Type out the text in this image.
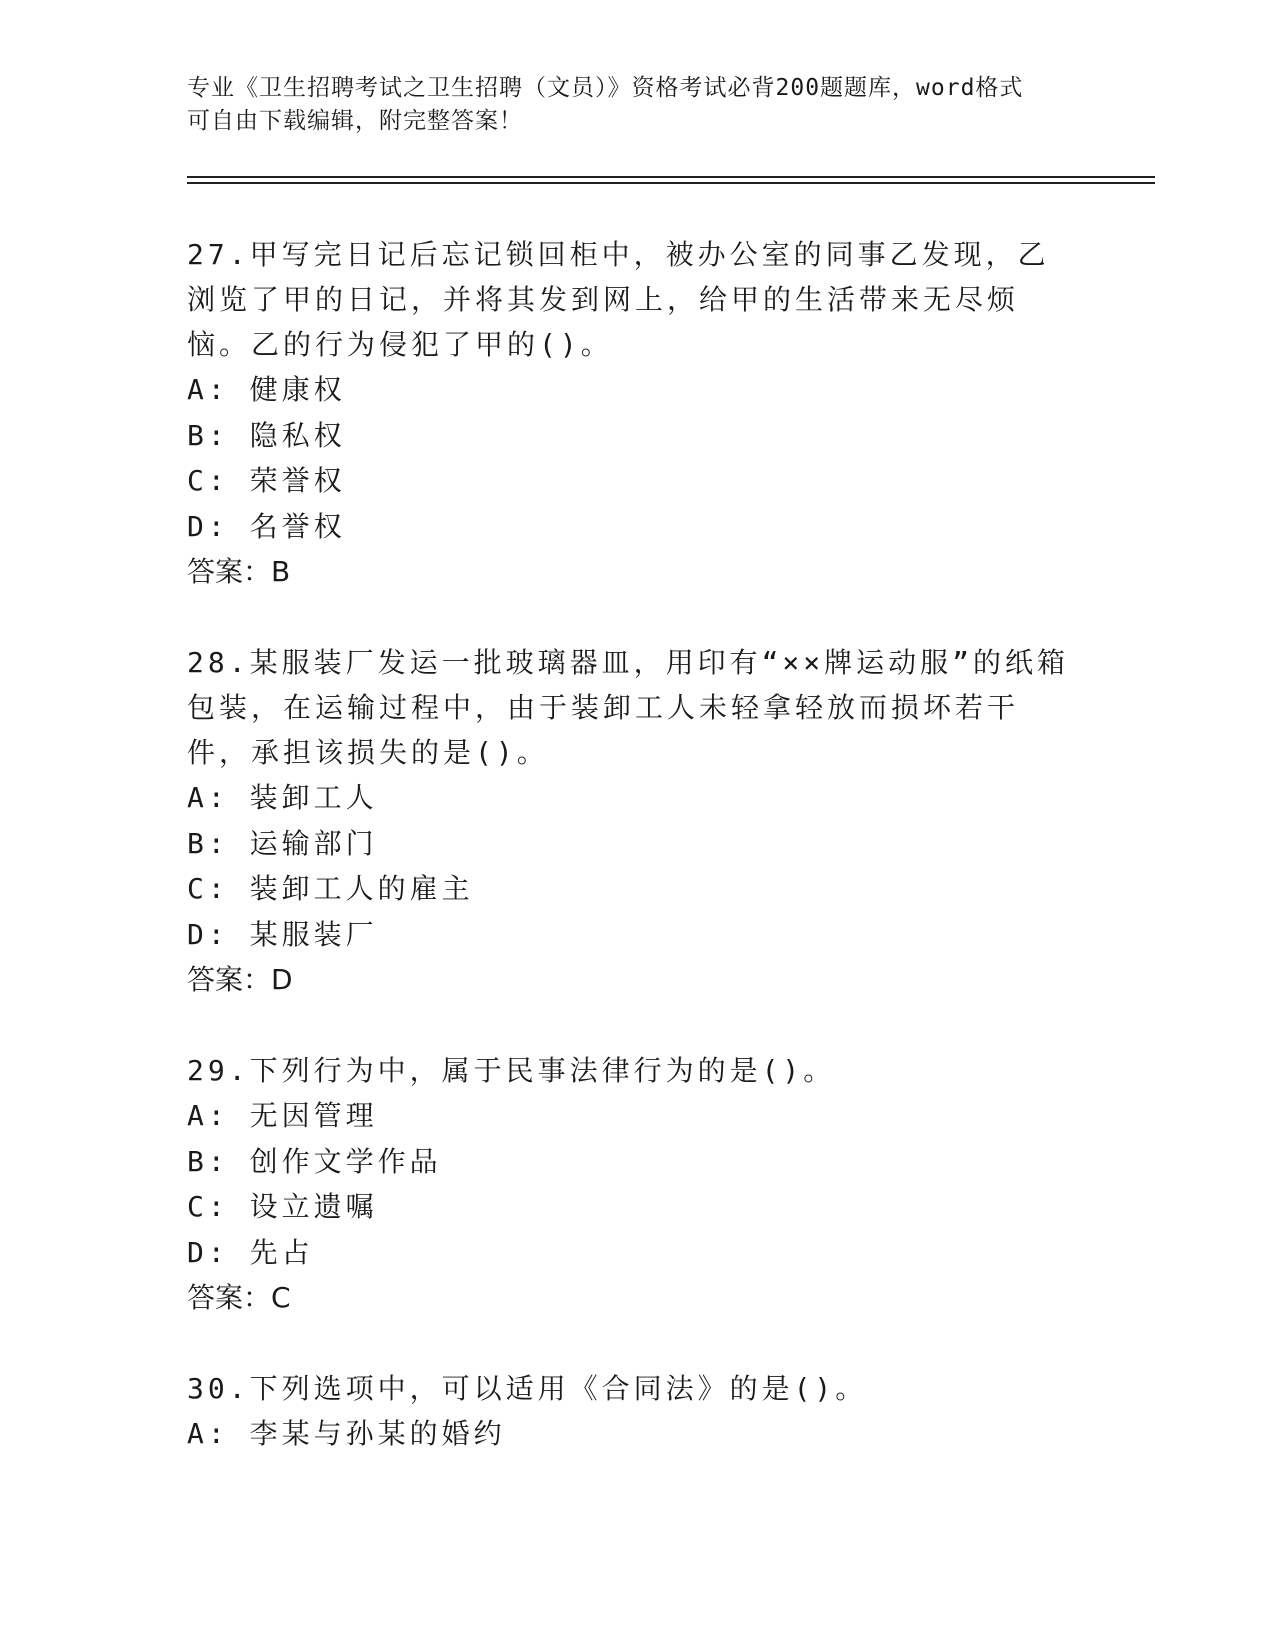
专业《卫生招聘考试之卫生招聘（文员）》资格考试必背200题题库，word格式
可自由下载编辑，附完整答案！

27.甲写完日记后忘记锁回柜中，被办公室的同事乙发现，乙浏览了甲的日记，并将其发到网上，给甲的生活带来无尽烦恼。乙的行为侵犯了甲的()。

A: 健康权

B: 隐私权

C: 荣誉权

D: 名誉权

答案：B

28.某服装厂发运一批玻璃器皿，用印有“××牌运动服”的纸箱包装，在运输过程中，由于装卸工人未轻拿轻放而损坏若干件，承担该损失的是()。

A: 装卸工人

B: 运输部门

C: 装卸工人的雇主

D: 某服装厂

答案：D

29.下列行为中，属于民事法律行为的是()。

A: 无因管理

B: 创作文学作品

C: 设立遗嘱

D: 先占

答案：C

30.下列选项中，可以适用《合同法》的是()。

A: 李某与孙某的婚约
